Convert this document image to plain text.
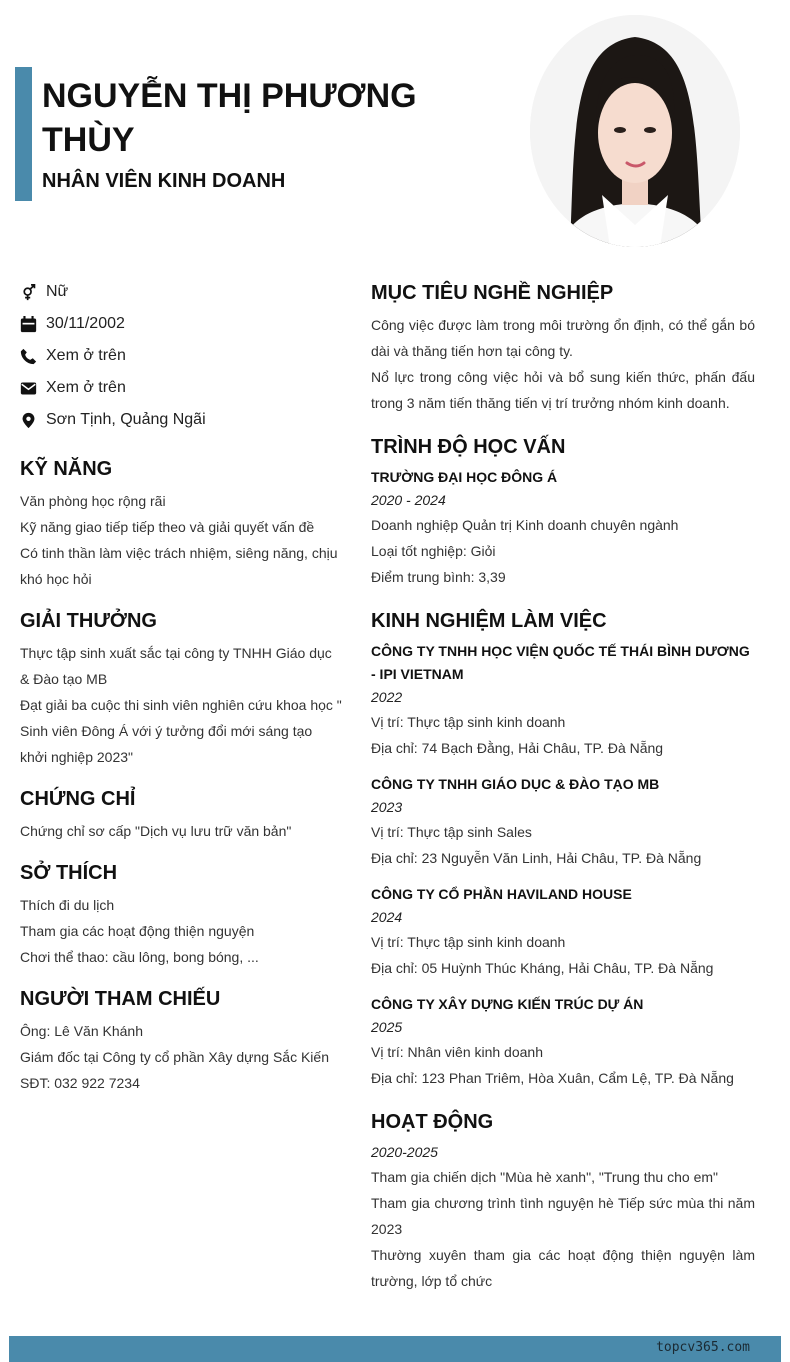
NGUYỄN THỊ PHƯƠNG THÙY
NHÂN VIÊN KINH DOANH
Nữ
30/11/2002
Xem ở trên
Xem ở trên
Sơn Tịnh, Quảng Ngãi
KỸ NĂNG
Văn phòng học rộng rãi
Kỹ năng giao tiếp tiếp theo và giải quyết vấn đề
Có tinh thần làm việc trách nhiệm, siêng năng, chịu khó học hỏi
GIẢI THƯỞNG
Thực tập sinh xuất sắc tại công ty TNHH Giáo dục & Đào tạo MB
Đạt giải ba cuộc thi sinh viên nghiên cứu khoa học " Sinh viên Đông Á với ý tưởng đổi mới sáng tạo khởi nghiệp 2023"
CHỨNG CHỈ
Chứng chỉ sơ cấp "Dịch vụ lưu trữ văn bản"
SỞ THÍCH
Thích đi du lịch
Tham gia các hoạt động thiện nguyện
Chơi thể thao: cầu lông, bong bóng, ...
NGƯỜI THAM CHIẾU
Ông: Lê Văn Khánh
Giám đốc tại Công ty cổ phần Xây dựng Sắc Kiến
SĐT: 032 922 7234
MỤC TIÊU NGHỀ NGHIỆP
Công việc được làm trong môi trường ổn định, có thể gắn bó dài và thăng tiến hơn tại công ty.
Nổ lực trong công việc hỏi và bổ sung kiến thức, phấn đấu trong 3 năm tiến thăng tiến vị trí trưởng nhóm kinh doanh.
TRÌNH ĐỘ HỌC VẤN
TRƯỜNG ĐẠI HỌC ĐÔNG Á
2020 - 2024
Doanh nghiệp Quản trị Kinh doanh chuyên ngành
Loại tốt nghiệp: Giỏi
Điểm trung bình: 3,39
KINH NGHIỆM LÀM VIỆC
CÔNG TY TNHH HỌC VIỆN QUỐC TẾ THÁI BÌNH DƯƠNG - IPI VIETNAM
2022
Vị trí: Thực tập sinh kinh doanh
Địa chỉ: 74 Bạch Đằng, Hải Châu, TP. Đà Nẵng
CÔNG TY TNHH GIÁO DỤC & ĐÀO TẠO MB
2023
Vị trí: Thực tập sinh Sales
Địa chỉ: 23 Nguyễn Văn Linh, Hải Châu, TP. Đà Nẵng
CÔNG TY CỔ PHẦN HAVILAND HOUSE
2024
Vị trí: Thực tập sinh kinh doanh
Địa chỉ: 05 Huỳnh Thúc Kháng, Hải Châu, TP. Đà Nẵng
CÔNG TY XÂY DỰNG KIẾN TRÚC DỰ ÁN
2025
Vị trí: Nhân viên kinh doanh
Địa chỉ: 123 Phan Triêm, Hòa Xuân, Cẩm Lệ, TP. Đà Nẵng
HOẠT ĐỘNG
2020-2025
Tham gia chiến dịch "Mùa hè xanh", "Trung thu cho em"
Tham gia chương trình tình nguyện hè Tiếp sức mùa thi năm 2023
Thường xuyên tham gia các hoạt động thiện nguyện làm trường, lớp tổ chức
topcv365.com
